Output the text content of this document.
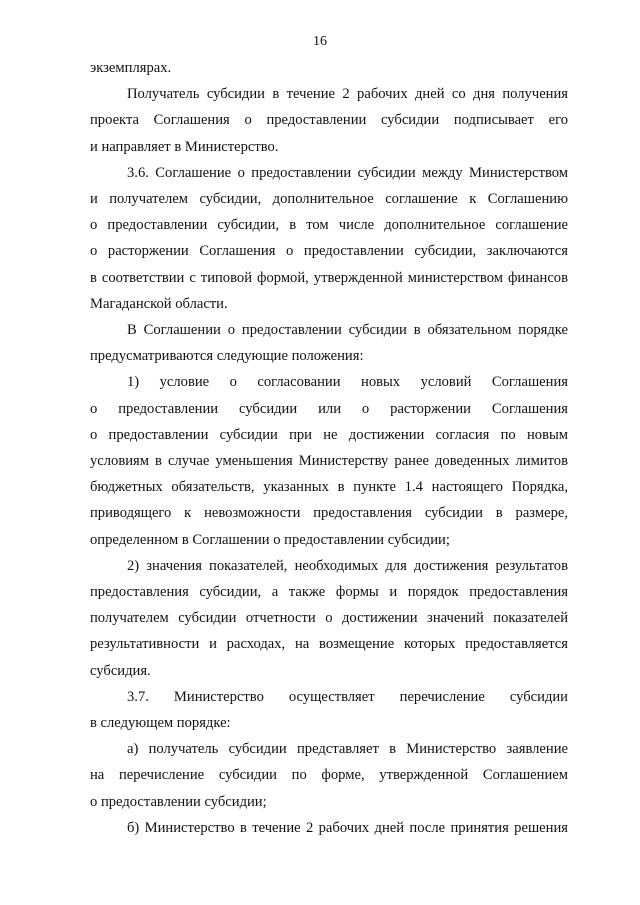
16
экземплярах.
Получатель субсидии в течение 2 рабочих дней со дня получения
проекта Соглашения о предоставлении субсидии подписывает его
и направляет в Министерство.
3.6. Соглашение о предоставлении субсидии между Министерством
и получателем субсидии, дополнительное соглашение к Соглашению
о предоставлении субсидии, в том числе дополнительное соглашение
о расторжении Соглашения о предоставлении субсидии, заключаются
в соответствии с типовой формой, утвержденной министерством финансов
Магаданской области.
В Соглашении о предоставлении субсидии в обязательном порядке
предусматриваются следующие положения:
1) условие о согласовании новых условий Соглашения
о предоставлении субсидии или о расторжении Соглашения
о предоставлении субсидии при не достижении согласия по новым
условиям в случае уменьшения Министерству ранее доведенных лимитов
бюджетных обязательств, указанных в пункте 1.4 настоящего Порядка,
приводящего к невозможности предоставления субсидии в размере,
определенном в Соглашении о предоставлении субсидии;
2) значения показателей, необходимых для достижения результатов
предоставления субсидии, а также формы и порядок предоставления
получателем субсидии отчетности о достижении значений показателей
результативности и расходах, на возмещение которых предоставляется
субсидия.
3.7. Министерство осуществляет перечисление субсидии
в следующем порядке:
а) получатель субсидии представляет в Министерство заявление
на перечисление субсидии по форме, утвержденной Соглашением
о предоставлении субсидии;
б) Министерство в течение 2 рабочих дней после принятия решения
